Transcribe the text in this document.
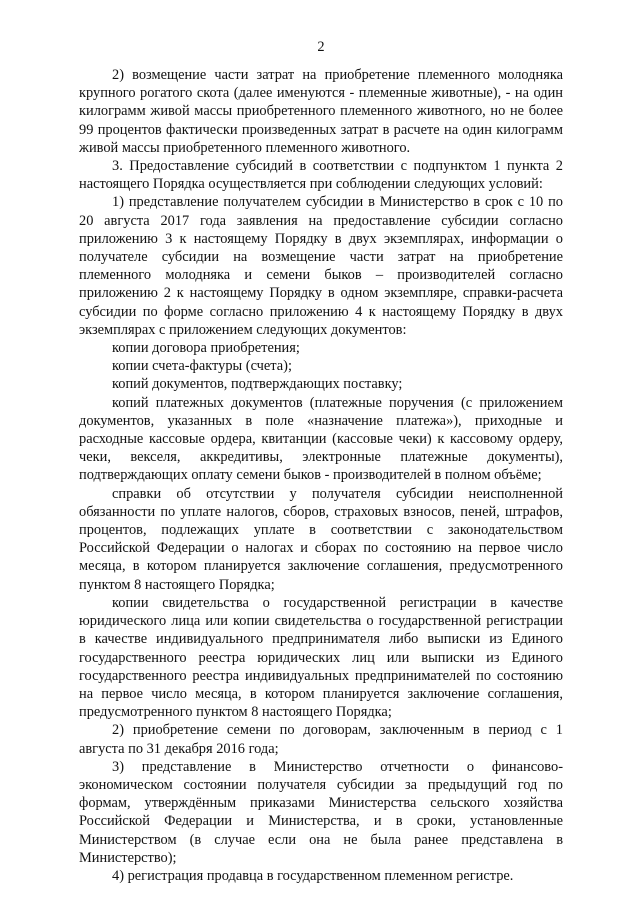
2

2) возмещение части затрат на приобретение племенного молодняка крупного рогатого скота (далее именуются - племенные животные), - на один килограмм живой массы приобретенного племенного животного, но не более 99 процентов фактически произведенных затрат в расчете на один килограмм живой массы приобретенного племенного животного.

3. Предоставление субсидий в соответствии с подпунктом 1 пункта 2 настоящего Порядка осуществляется при соблюдении следующих условий:

1) представление получателем субсидии в Министерство в срок с 10 по 20 августа 2017 года заявления на предоставление субсидии согласно приложению 3 к настоящему Порядку в двух экземплярах, информации о получателе субсидии на возмещение части затрат на приобретение племенного молодняка и семени быков – производителей согласно приложению 2 к настоящему Порядку в одном экземпляре, справки-расчета субсидии по форме согласно приложению 4 к настоящему Порядку в двух экземплярах с приложением следующих документов:

копии договора приобретения;

копии счета-фактуры (счета);

копий документов, подтверждающих поставку;

копий платежных документов (платежные поручения (с приложением документов, указанных в поле «назначение платежа»), приходные и расходные кассовые ордера, квитанции (кассовые чеки) к кассовому ордеру, чеки, векселя, аккредитивы, электронные платежные документы), подтверждающих оплату семени быков - производителей в полном объёме;

справки об отсутствии у получателя субсидии неисполненной обязанности по уплате налогов, сборов, страховых взносов, пеней, штрафов, процентов, подлежащих уплате в соответствии с законодательством Российской Федерации о налогах и сборах по состоянию на первое число месяца, в котором планируется заключение соглашения, предусмотренного пунктом 8 настоящего Порядка;

копии свидетельства о государственной регистрации в качестве юридического лица или копии свидетельства о государственной регистрации в качестве индивидуального предпринимателя либо выписки из Единого государственного реестра юридических лиц или выписки из Единого государственного реестра индивидуальных предпринимателей по состоянию на первое число месяца, в котором планируется заключение соглашения, предусмотренного пунктом 8 настоящего Порядка;

2) приобретение семени по договорам, заключенным в период с 1 августа по 31 декабря 2016 года;

3) представление в Министерство отчетности о финансово-экономическом состоянии получателя субсидии за предыдущий год по формам, утверждённым приказами Министерства сельского хозяйства Российской Федерации и Министерства, и в сроки, установленные Министерством (в случае если она не была ранее представлена в Министерство);

4) регистрация продавца в государственном племенном регистре.
